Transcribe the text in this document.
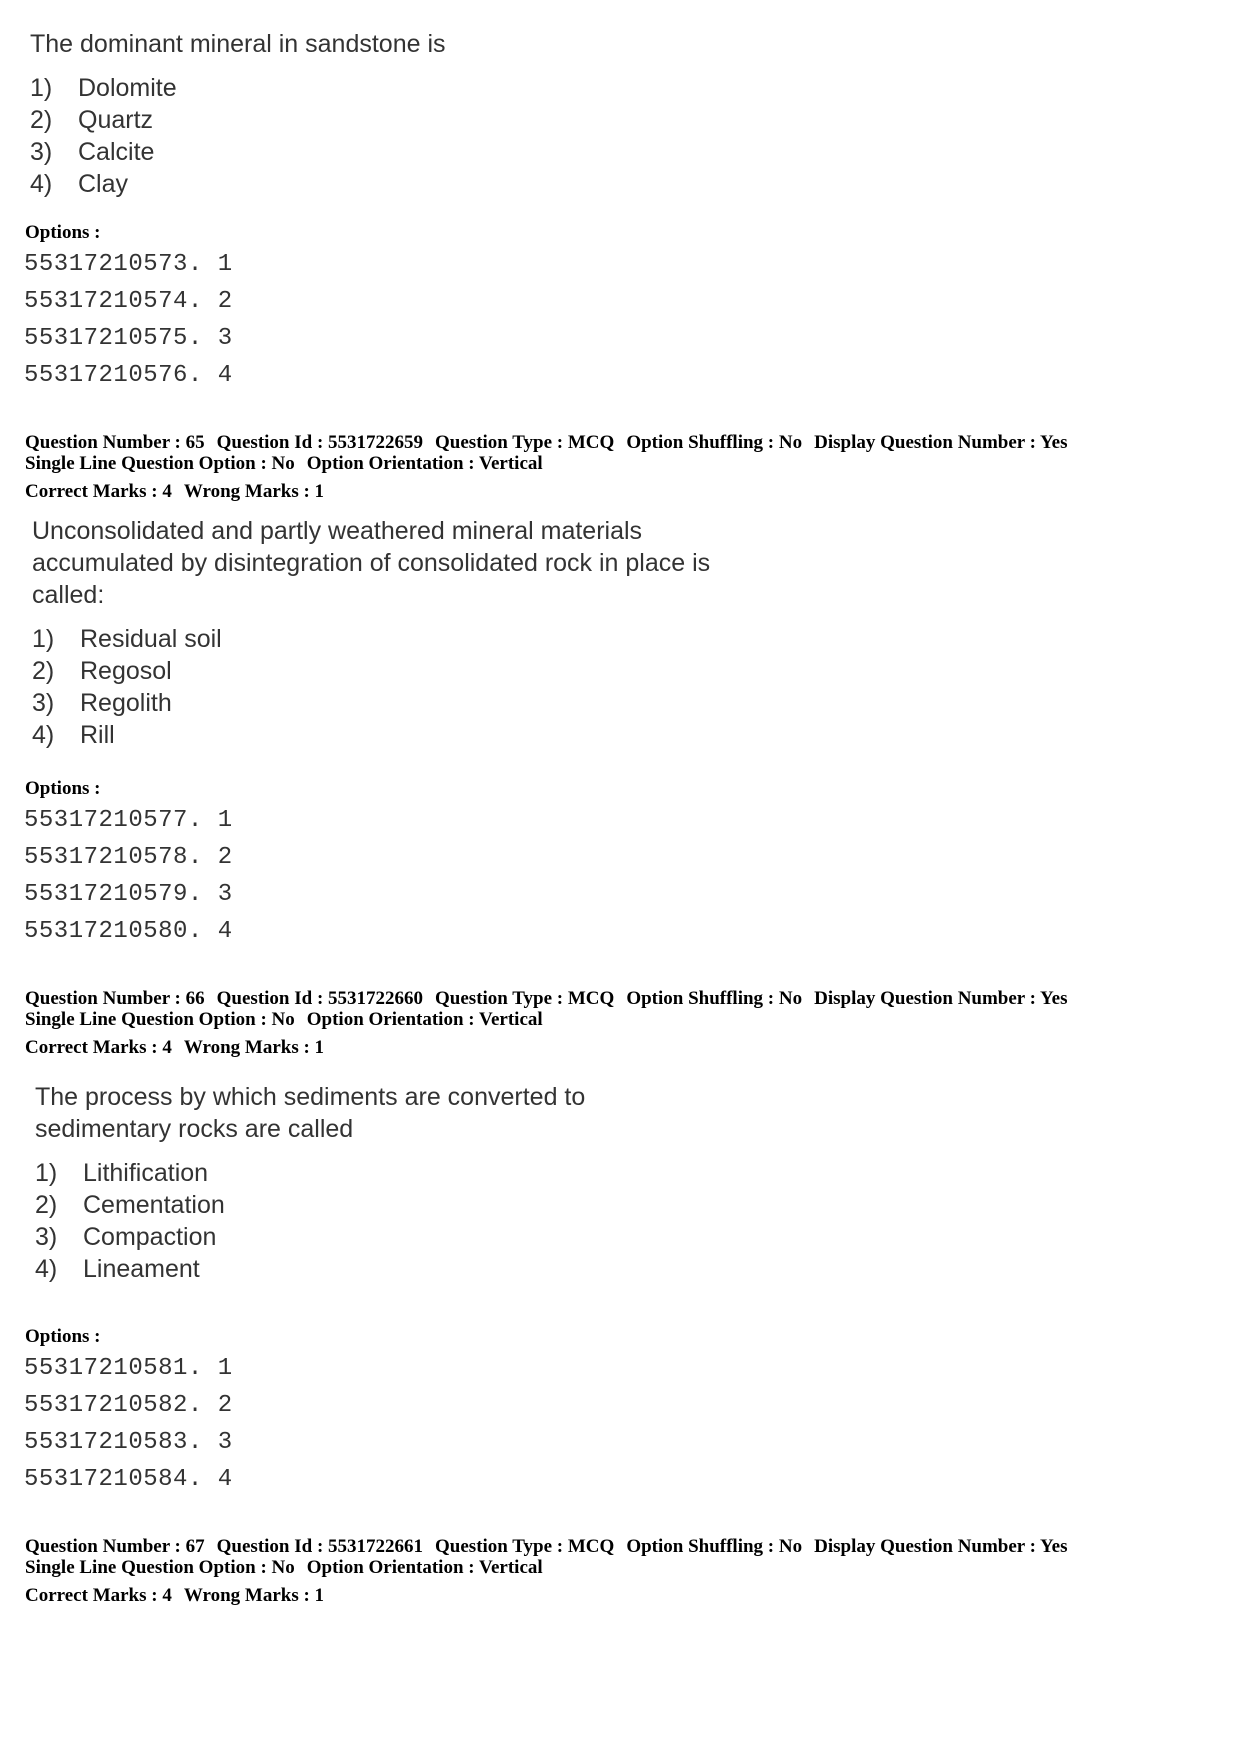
The dominant mineral in sandstone is
1)	Dolomite
2)	Quartz
3)	Calcite
4)	Clay
Options :
55317210573. 1
55317210574. 2
55317210575. 3
55317210576. 4
Question Number : 65 Question Id : 5531722659 Question Type : MCQ Option Shuffling : No Display Question Number : Yes
Single Line Question Option : No Option Orientation : Vertical
Correct Marks : 4 Wrong Marks : 1
Unconsolidated and partly weathered mineral materials
accumulated by disintegration of consolidated rock in place is
called:
1)	Residual soil
2)	Regosol
3)	Regolith
4)	Rill
Options :
55317210577. 1
55317210578. 2
55317210579. 3
55317210580. 4
Question Number : 66 Question Id : 5531722660 Question Type : MCQ Option Shuffling : No Display Question Number : Yes
Single Line Question Option : No Option Orientation : Vertical
Correct Marks : 4 Wrong Marks : 1
The process by which sediments are converted to
sedimentary rocks are called
1)	Lithification
2)	Cementation
3)	Compaction
4)	Lineament
Options :
55317210581. 1
55317210582. 2
55317210583. 3
55317210584. 4
Question Number : 67 Question Id : 5531722661 Question Type : MCQ Option Shuffling : No Display Question Number : Yes
Single Line Question Option : No Option Orientation : Vertical
Correct Marks : 4 Wrong Marks : 1
